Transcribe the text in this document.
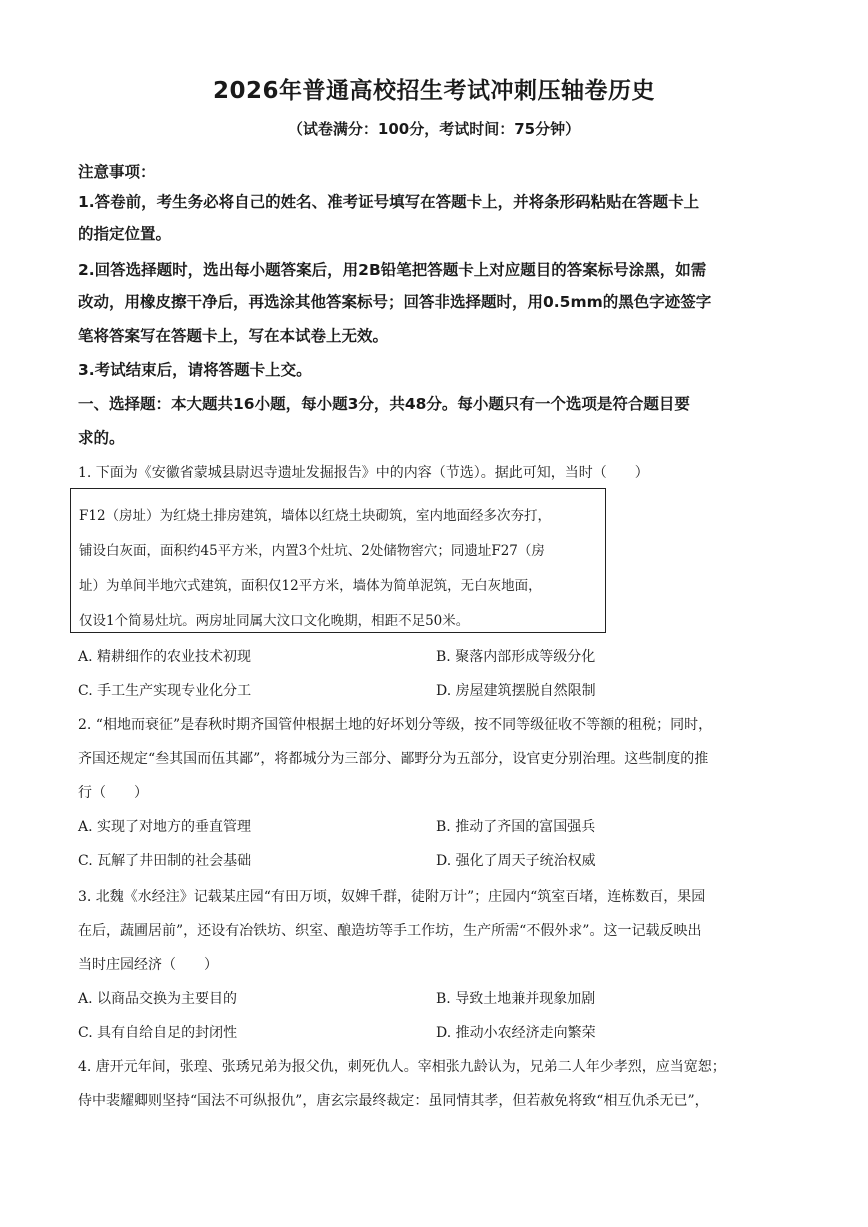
2026年普通高校招生考试冲刺压轴卷历史
（试卷满分：100分，考试时间：75分钟）
注意事项：
1.答卷前，考生务必将自己的姓名、准考证号填写在答题卡上，并将条形码粘贴在答题卡上
的指定位置。
2.回答选择题时，选出每小题答案后，用2B铅笔把答题卡上对应题目的答案标号涂黑，如需
改动，用橡皮擦干净后，再选涂其他答案标号；回答非选择题时，用0.5mm的黑色字迹签字
笔将答案写在答题卡上，写在本试卷上无效。
3.考试结束后，请将答题卡上交。
一、选择题：本大题共16小题，每小题3分，共48分。每小题只有一个选项是符合题目要
求的。
1. 下面为《安徽省蒙城县尉迟寺遗址发掘报告》中的内容（节选）。据此可知，当时（　　）
F12（房址）为红烧土排房建筑，墙体以红烧土块砌筑，室内地面经多次夯打，
铺设白灰面，面积约45平方米，内置3个灶坑、2处储物窖穴；同遗址F27（房
址）为单间半地穴式建筑，面积仅12平方米，墙体为简单泥筑，无白灰地面，
仅设1个简易灶坑。两房址同属大汶口文化晚期，相距不足50米。
A. 精耕细作的农业技术初现	B. 聚落内部形成等级分化
C. 手工生产实现专业化分工	D. 房屋建筑摆脱自然限制
2. “相地而衰征”是春秋时期齐国管仲根据土地的好坏划分等级，按不同等级征收不等额的租税；同时，
齐国还规定“叁其国而伍其鄙”，将都城分为三部分、鄙野分为五部分，设官吏分别治理。这些制度的推
行（　　）
A. 实现了对地方的垂直管理	B. 推动了齐国的富国强兵
C. 瓦解了井田制的社会基础	D. 强化了周天子统治权威
3. 北魏《水经注》记载某庄园“有田万顷，奴婢千群，徒附万计”；庄园内“筑室百堵，连栋数百，果园
在后，蔬圃居前”，还设有冶铁坊、织室、酿造坊等手工作坊，生产所需“不假外求”。这一记载反映出
当时庄园经济（　　）
A. 以商品交换为主要目的	B. 导致土地兼并现象加剧
C. 具有自给自足的封闭性	D. 推动小农经济走向繁荣
4. 唐开元年间，张瑝、张琇兄弟为报父仇，刺死仇人。宰相张九龄认为，兄弟二人年少孝烈，应当宽恕；
侍中裴耀卿则坚持“国法不可纵报仇”，唐玄宗最终裁定：虽同情其孝，但若赦免将致“相互仇杀无已”，
